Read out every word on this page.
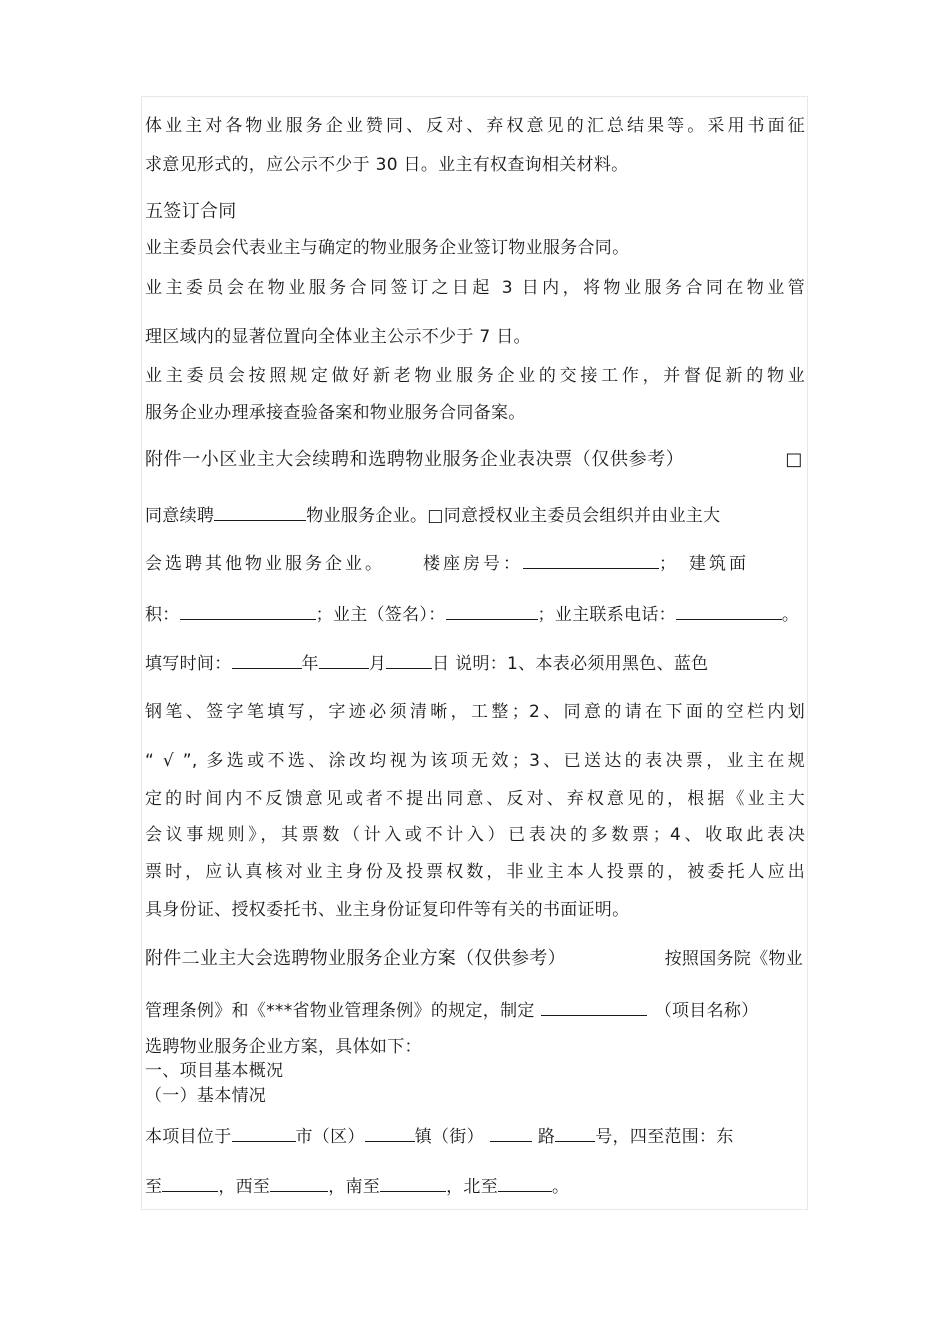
体业主对各物业服务企业赞同、反对、弃权意见的汇总结果等。采用书面征
求意见形式的，应公示不少于 30 日。业主有权查询相关材料。
五签订合同
业主委员会代表业主与确定的物业服务企业签订物业服务合同。
业主委员会在物业服务合同签订之日起 3 日内，将物业服务合同在物业管
理区域内的显著位置向全体业主公示不少于 7 日。
业主委员会按照规定做好新老物业服务企业的交接工作，并督促新的物业
服务企业办理承接查验备案和物业服务合同备案。
附件一小区业主大会续聘和选聘物业服务企业表决票（仅供参考）	□
同意续聘	物业服务企业。□同意授权业主委员会组织并由业主大
会选聘其他物业服务企业。 楼座房号：	； 建筑面
积：	；业主（签名）：	；业主联系电话：	。
填写时间：	年	月	日 说明：1、本表必须用黑色、蓝色
钢笔、签字笔填写，字迹必须清晰，工整；2、同意的请在下面的空栏内划
“ √ ”, 多选或不选、涂改均视为该项无效；3、已送达的表决票，业主在规
定的时间内不反馈意见或者不提出同意、反对、弃权意见的，根据《业主大
会议事规则》，其票数（计入或不计入）已表决的多数票；4、收取此表决
票时，应认真核对业主身份及投票权数，非业主本人投票的，被委托人应出
具身份证、授权委托书、业主身份证复印件等有关的书面证明。
附件二业主大会选聘物业服务企业方案（仅供参考）	按照国务院《物业
管理条例》和《***省物业管理条例》的规定，制定	（项目名称）
选聘物业服务企业方案，具体如下：
一、项目基本概况
（一）基本情况
本项目位于	市（区）	镇（街）	路 号，四至范围：东
至	，西至	，南至	，北至	。
